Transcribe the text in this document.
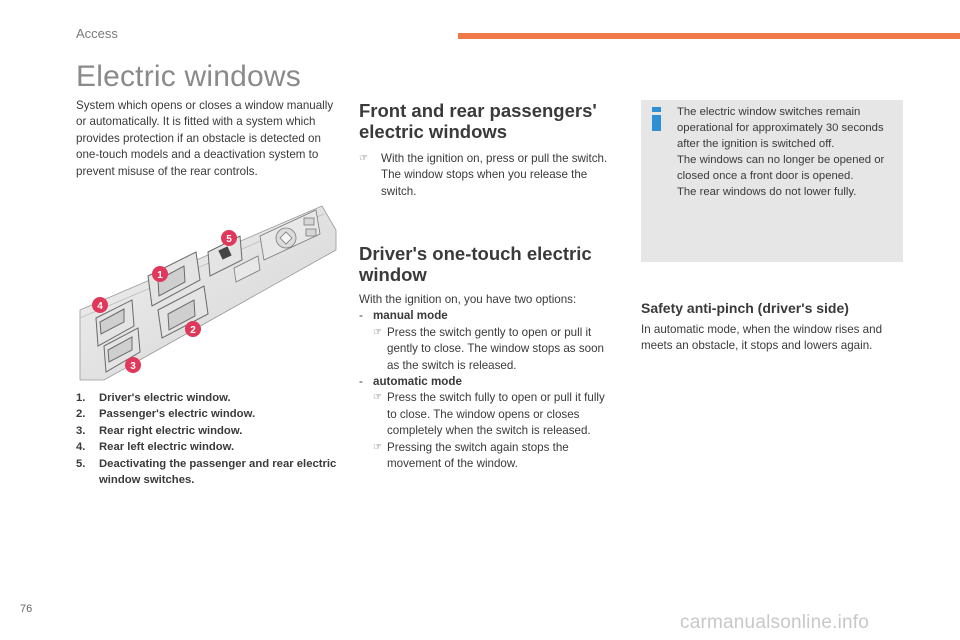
Access
Electric windows
System which opens or closes a window manually or automatically. It is fitted with a system which provides protection if an obstacle is detected on one-touch models and a deactivation system to prevent misuse of the rear controls.
1
2
3
4
5
1.	Driver's electric window.
2.	Passenger's electric window.
3.	Rear right electric window.
4.	Rear left electric window.
5.	Deactivating the passenger and rear electric window switches.
Front and rear passengers' electric windows
☞	With the ignition on, press or pull the switch. The window stops when you release the switch.
Driver's one-touch electric window
With the ignition on, you have two options:
- manual mode
☞ Press the switch gently to open or pull it gently to close. The window stops as soon as the switch is released.
- automatic mode
☞ Press the switch fully to open or pull it fully to close. The window opens or closes completely when the switch is released.
☞ Pressing the switch again stops the movement of the window.
The electric window switches remain operational for approximately 30 seconds after the ignition is switched off.
The windows can no longer be opened or closed once a front door is opened.
The rear windows do not lower fully.
Safety anti-pinch (driver's side)
In automatic mode, when the window rises and meets an obstacle, it stops and lowers again.
76
carmanualsonline.info
